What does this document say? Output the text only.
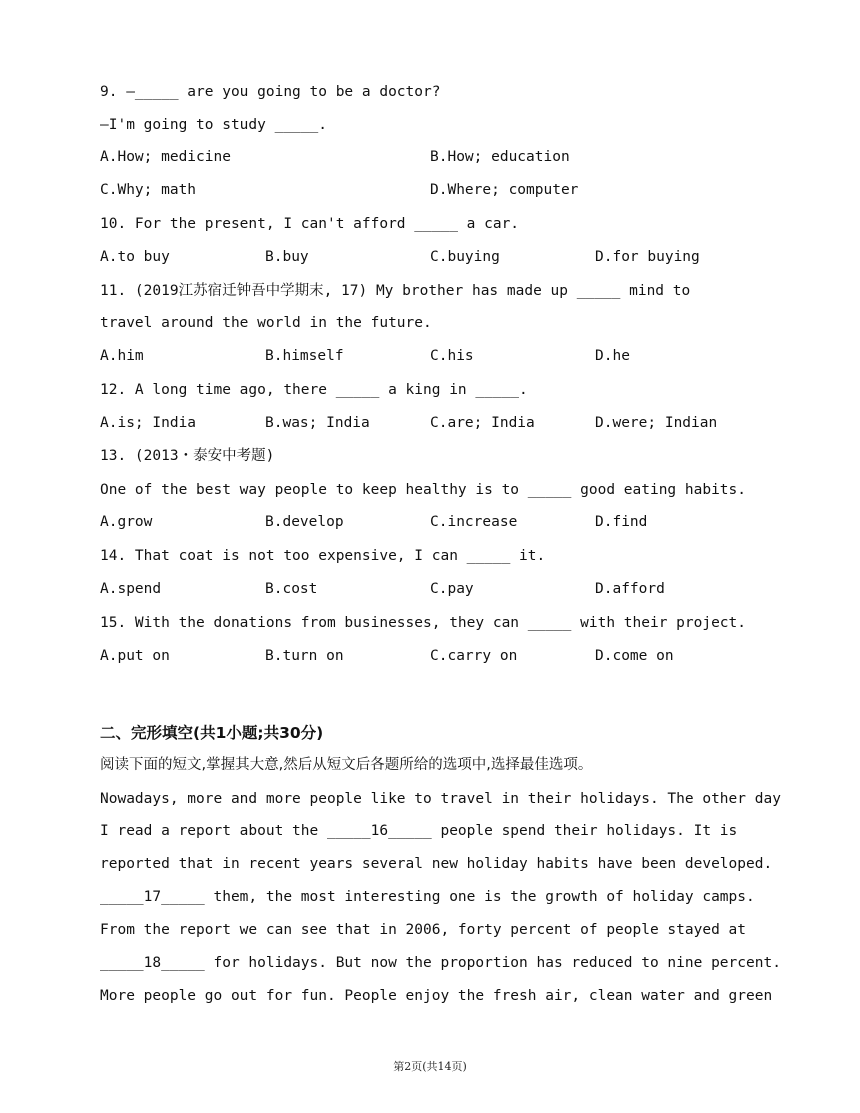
9. —_____ are you going to be a doctor?
—I'm going to study _____.
A.How; medicine	B.How; education
C.Why; math	D.Where; computer
10. For the present, I can't afford _____ a car.
A.to buy	B.buy	C.buying	D.for buying
11. (2019江苏宿迁钟吾中学期末, 17) My brother has made up _____ mind to
travel around the world in the future.
A.him	B.himself	C.his	D.he
12. A long time ago, there _____ a king in _____.
A.is; India	B.was; India	C.are; India	D.were; Indian
13. (2013・泰安中考题)
One of the best way people to keep healthy is to _____ good eating habits.
A.grow	B.develop	C.increase	D.find
14. That coat is not too expensive, I can _____ it.
A.spend	B.cost	C.pay	D.afford
15. With the donations from businesses, they can _____ with their project.
A.put on	B.turn on	C.carry on	D.come on
二、完形填空(共1小题;共30分)
阅读下面的短文,掌握其大意,然后从短文后各题所给的选项中,选择最佳选项。
Nowadays, more and more people like to travel in their holidays. The other day
I read a report about the _____16_____ people spend their holidays. It is
reported that in recent years several new holiday habits have been developed.
_____17_____ them, the most interesting one is the growth of holiday camps.
From the report we can see that in 2006, forty percent of people stayed at
_____18_____ for holidays. But now the proportion has reduced to nine percent.
More people go out for fun. People enjoy the fresh air, clean water and green
第2页(共14页)
